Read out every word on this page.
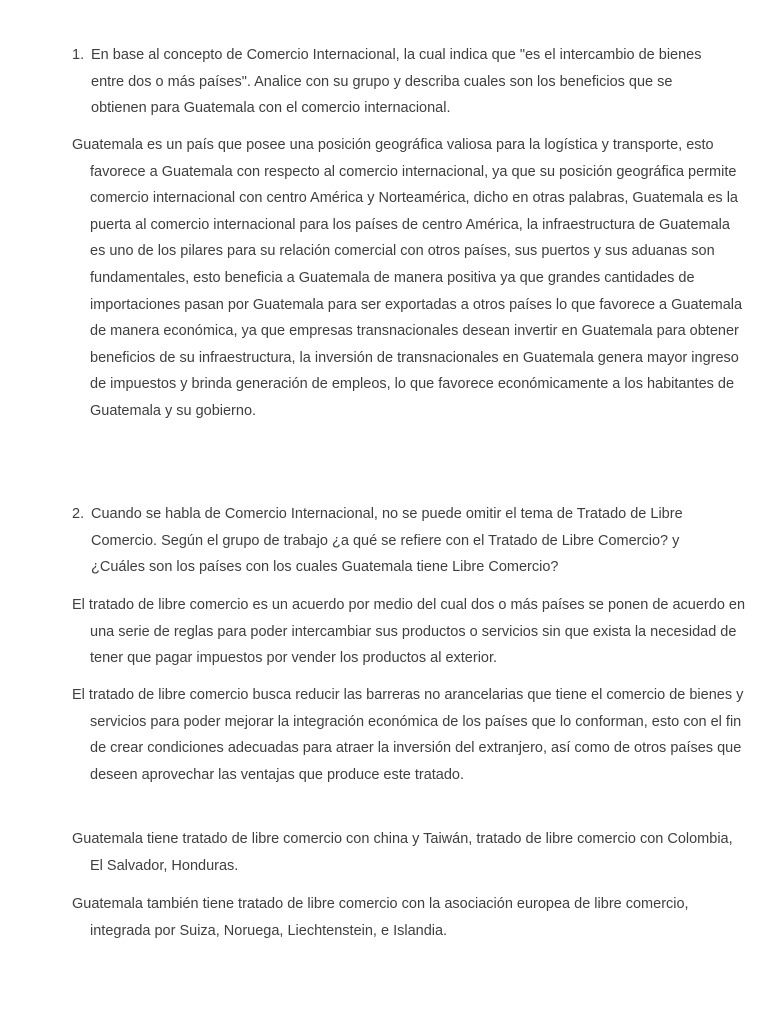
1. En base al concepto de Comercio Internacional, la cual indica que "es el intercambio de bienes entre dos o más países". Analice con su grupo y describa cuales son los beneficios que se obtienen para Guatemala con el comercio internacional.

Guatemala es un país que posee una posición geográfica valiosa para la logística y transporte, esto favorece a Guatemala con respecto al comercio internacional, ya que su posición geográfica permite comercio internacional con centro América y Norteamérica, dicho en otras palabras, Guatemala es la puerta al comercio internacional para los países de centro América, la infraestructura de Guatemala es uno de los pilares para su relación comercial con otros países, sus puertos y sus aduanas son fundamentales, esto beneficia a Guatemala de manera positiva ya que grandes cantidades de importaciones pasan por Guatemala para ser exportadas a otros países lo que favorece a Guatemala de manera económica, ya que empresas transnacionales desean invertir en Guatemala para obtener beneficios de su infraestructura, la inversión de transnacionales en Guatemala genera mayor ingreso de impuestos y brinda generación de empleos, lo que favorece económicamente a los habitantes de Guatemala y su gobierno.

2. Cuando se habla de Comercio Internacional, no se puede omitir el tema de Tratado de Libre Comercio. Según el grupo de trabajo ¿a qué se refiere con el Tratado de Libre Comercio? y ¿Cuáles son los países con los cuales Guatemala tiene Libre Comercio?

El tratado de libre comercio es un acuerdo por medio del cual dos o más países se ponen de acuerdo en una serie de reglas para poder intercambiar sus productos o servicios sin que exista la necesidad de tener que pagar impuestos por vender los productos al exterior.

El tratado de libre comercio busca reducir las barreras no arancelarias que tiene el comercio de bienes y servicios para poder mejorar la integración económica de los países que lo conforman, esto con el fin de crear condiciones adecuadas para atraer la inversión del extranjero, así como de otros países que deseen aprovechar las ventajas que produce este tratado.

Guatemala tiene tratado de libre comercio con china y Taiwán, tratado de libre comercio con Colombia, El Salvador, Honduras.

Guatemala también tiene tratado de libre comercio con la asociación europea de libre comercio, integrada por Suiza, Noruega, Liechtenstein, e Islandia.
